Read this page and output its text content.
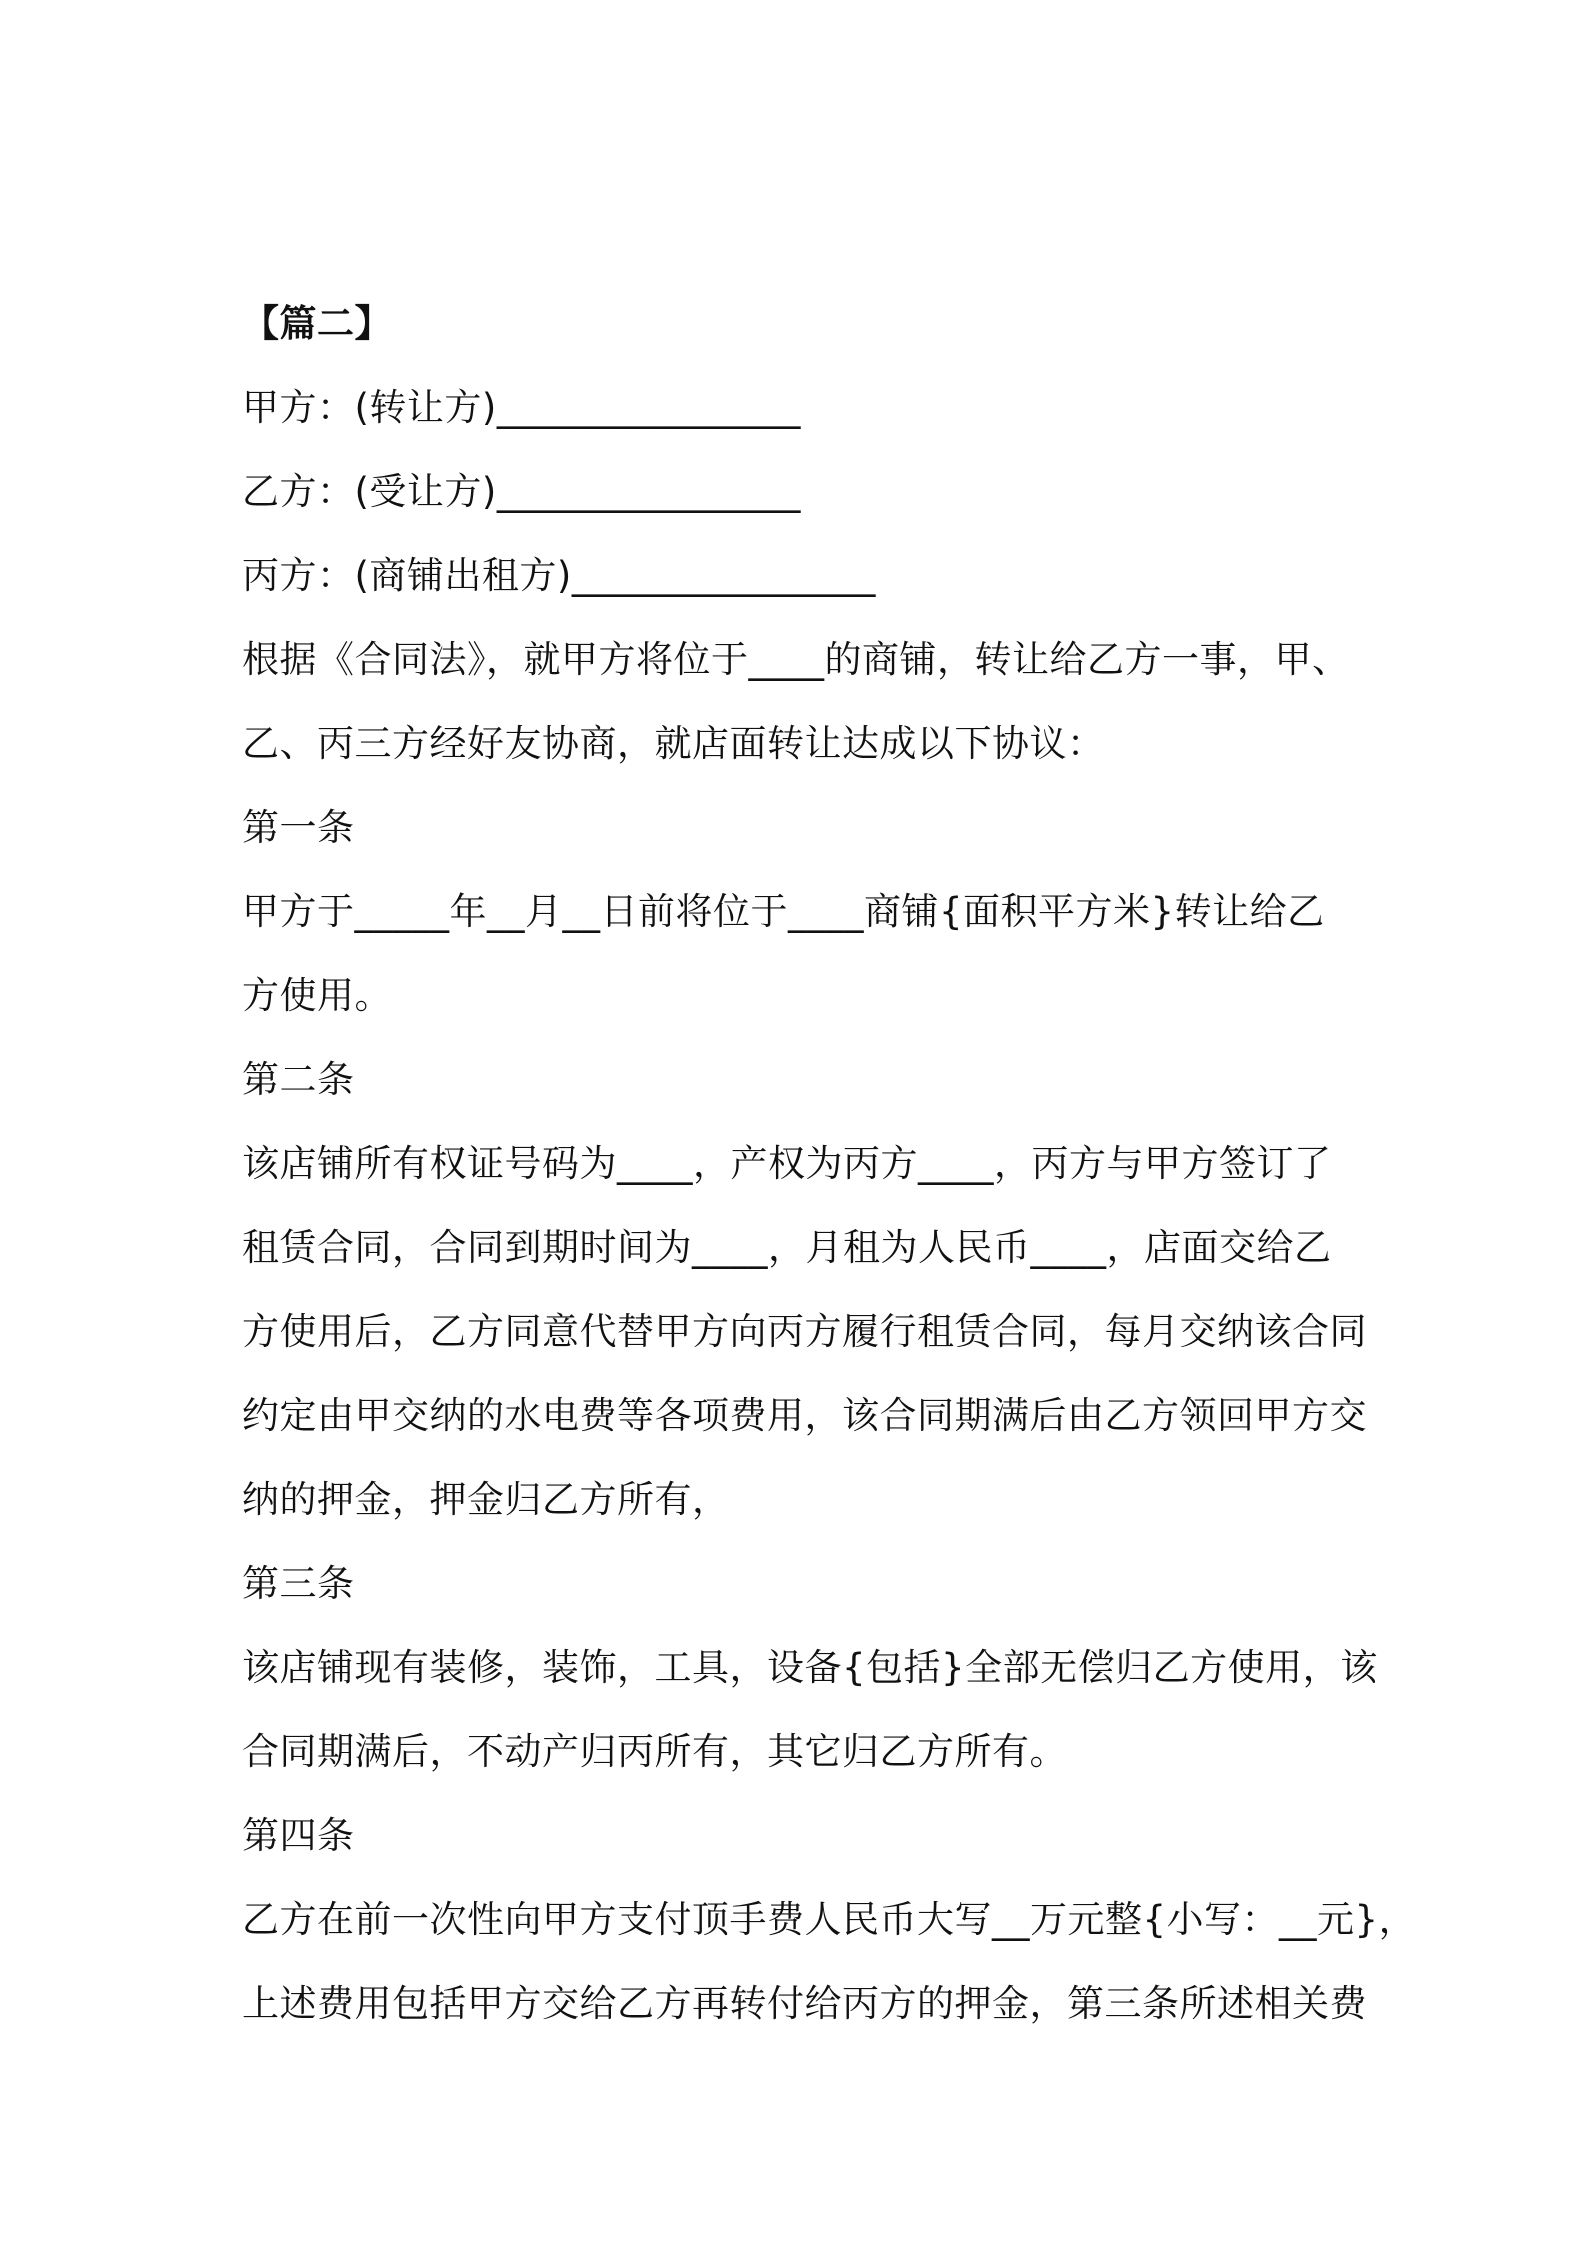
【篇二】
甲方：(转让方)________________
乙方：(受让方)________________
丙方：(商铺出租方)________________
根据《合同法》，就甲方将位于____的商铺，转让给乙方一事，甲、
乙、丙三方经好友协商，就店面转让达成以下协议：
第一条
甲方于_____年__月__日前将位于____商铺{面积平方米}转让给乙
方使用。
第二条
该店铺所有权证号码为____，产权为丙方____，丙方与甲方签订了
租赁合同，合同到期时间为____，月租为人民币____，店面交给乙
方使用后，乙方同意代替甲方向丙方履行租赁合同，每月交纳该合同
约定由甲交纳的水电费等各项费用，该合同期满后由乙方领回甲方交
纳的押金，押金归乙方所有，
第三条
该店铺现有装修，装饰，工具，设备{包括}全部无偿归乙方使用，该
合同期满后，不动产归丙所有，其它归乙方所有。
第四条
乙方在前一次性向甲方支付顶手费人民币大写__万元整{小写：__元}，
上述费用包括甲方交给乙方再转付给丙方的押金，第三条所述相关费
